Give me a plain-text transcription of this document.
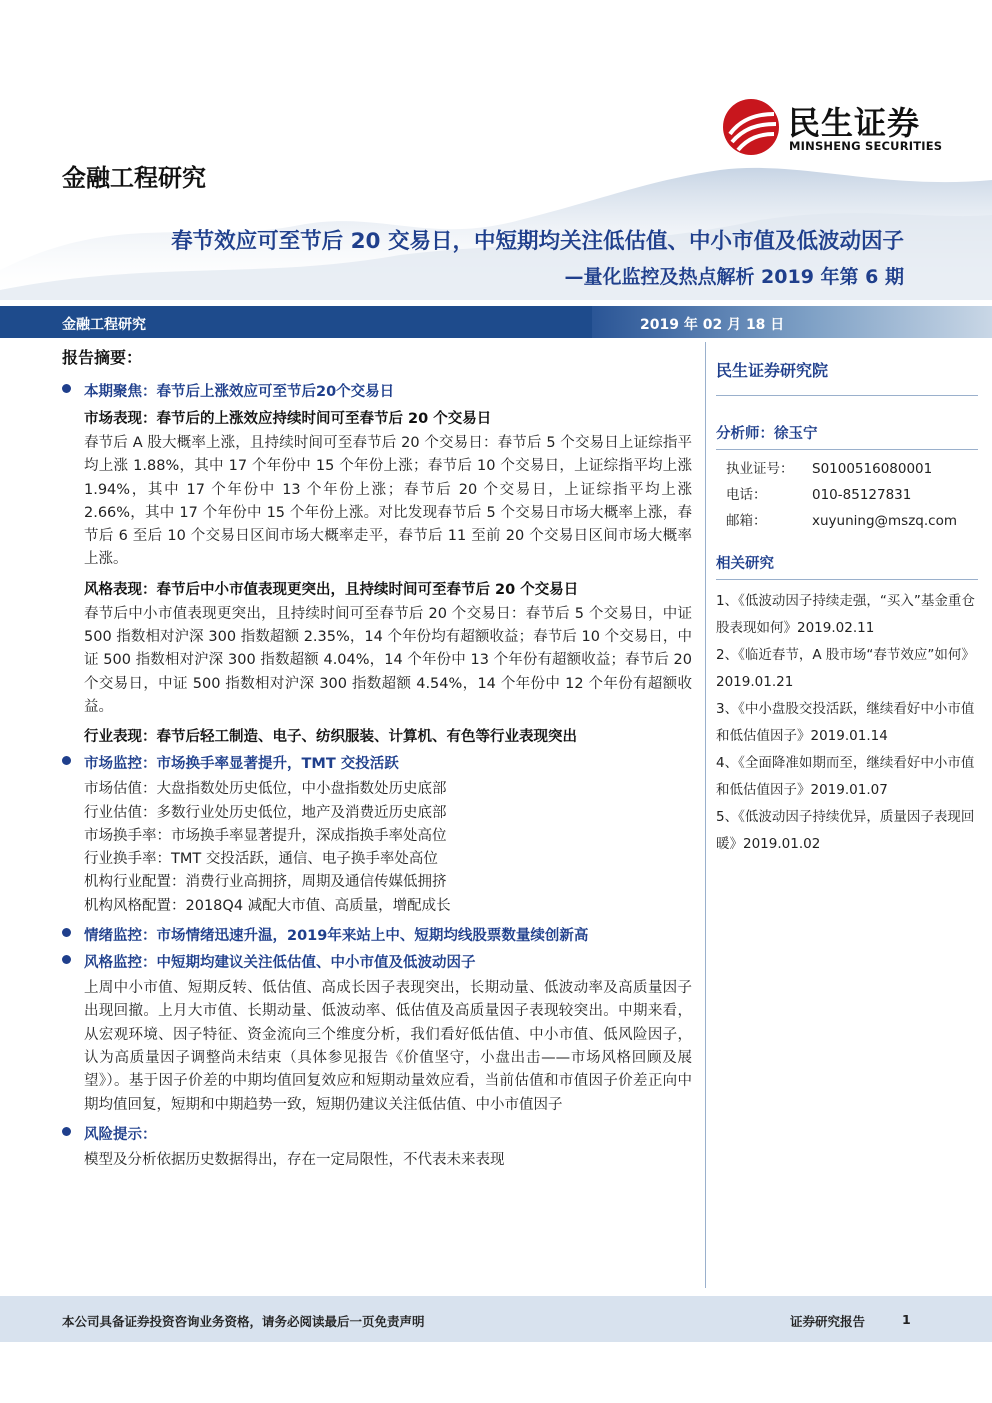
民生证券
MINSHENG SECURITIES
金融工程研究
春节效应可至节后 20 交易日，中短期均关注低估值、中小市值及低波动因子
—量化监控及热点解析 2019 年第 6 期
金融工程研究	2019 年 02 月 18 日
报告摘要：
本期聚焦：春节后上涨效应可至节后20个交易日
市场表现：春节后的上涨效应持续时间可至春节后 20 个交易日
春节后 A 股大概率上涨，且持续时间可至春节后 20 个交易日：春节后 5 个交易日上证综指平均上涨 1.88%，其中 17 个年份中 15 个年份上涨；春节后 10 个交易日，上证综指平均上涨 1.94%，其中 17 个年份中 13 个年份上涨；春节后 20 个交易日，上证综指平均上涨 2.66%，其中 17 个年份中 15 个年份上涨。对比发现春节后 5 个交易日市场大概率上涨，春节后 6 至后 10 个交易日区间市场大概率走平，春节后 11 至前 20 个交易日区间市场大概率上涨。
风格表现：春节后中小市值表现更突出，且持续时间可至春节后 20 个交易日
春节后中小市值表现更突出，且持续时间可至春节后 20 个交易日：春节后 5 个交易日，中证 500 指数相对沪深 300 指数超额 2.35%，14 个年份均有超额收益；春节后 10 个交易日，中证 500 指数相对沪深 300 指数超额 4.04%，14 个年份中 13 个年份有超额收益；春节后 20 个交易日，中证 500 指数相对沪深 300 指数超额 4.54%，14 个年份中 12 个年份有超额收益。
行业表现：春节后轻工制造、电子、纺织服装、计算机、有色等行业表现突出
市场监控：市场换手率显著提升，TMT 交投活跃
市场估值：大盘指数处历史低位，中小盘指数处历史底部
行业估值：多数行业处历史低位，地产及消费近历史底部
市场换手率：市场换手率显著提升，深成指换手率处高位
行业换手率：TMT 交投活跃，通信、电子换手率处高位
机构行业配置：消费行业高拥挤，周期及通信传媒低拥挤
机构风格配置：2018Q4 减配大市值、高质量，增配成长
情绪监控：市场情绪迅速升温，2019年来站上中、短期均线股票数量续创新高
风格监控：中短期均建议关注低估值、中小市值及低波动因子
上周中小市值、短期反转、低估值、高成长因子表现突出，长期动量、低波动率及高质量因子出现回撤。上月大市值、长期动量、低波动率、低估值及高质量因子表现较突出。中期来看，从宏观环境、因子特征、资金流向三个维度分析，我们看好低估值、中小市值、低风险因子，认为高质量因子调整尚未结束（具体参见报告《价值坚守，小盘出击——市场风格回顾及展望》）。基于因子价差的中期均值回复效应和短期动量效应看，当前估值和市值因子价差正向中期均值回复，短期和中期趋势一致，短期仍建议关注低估值、中小市值因子
风险提示：
模型及分析依据历史数据得出，存在一定局限性，不代表未来表现
民生证券研究院
分析师：徐玉宁
执业证号：	S0100516080001
电话：	010-85127831
邮箱：	xuyuning@mszq.com
相关研究
1、《低波动因子持续走强，“买入”基金重仓股表现如何》2019.02.11
2、《临近春节，A 股市场“春节效应”如何》2019.01.21
3、《中小盘股交投活跃，继续看好中小市值和低估值因子》2019.01.14
4、《全面降准如期而至，继续看好中小市值和低估值因子》2019.01.07
5、《低波动因子持续优异，质量因子表现回暖》2019.01.02
本公司具备证券投资咨询业务资格，请务必阅读最后一页免责声明	证券研究报告	1
